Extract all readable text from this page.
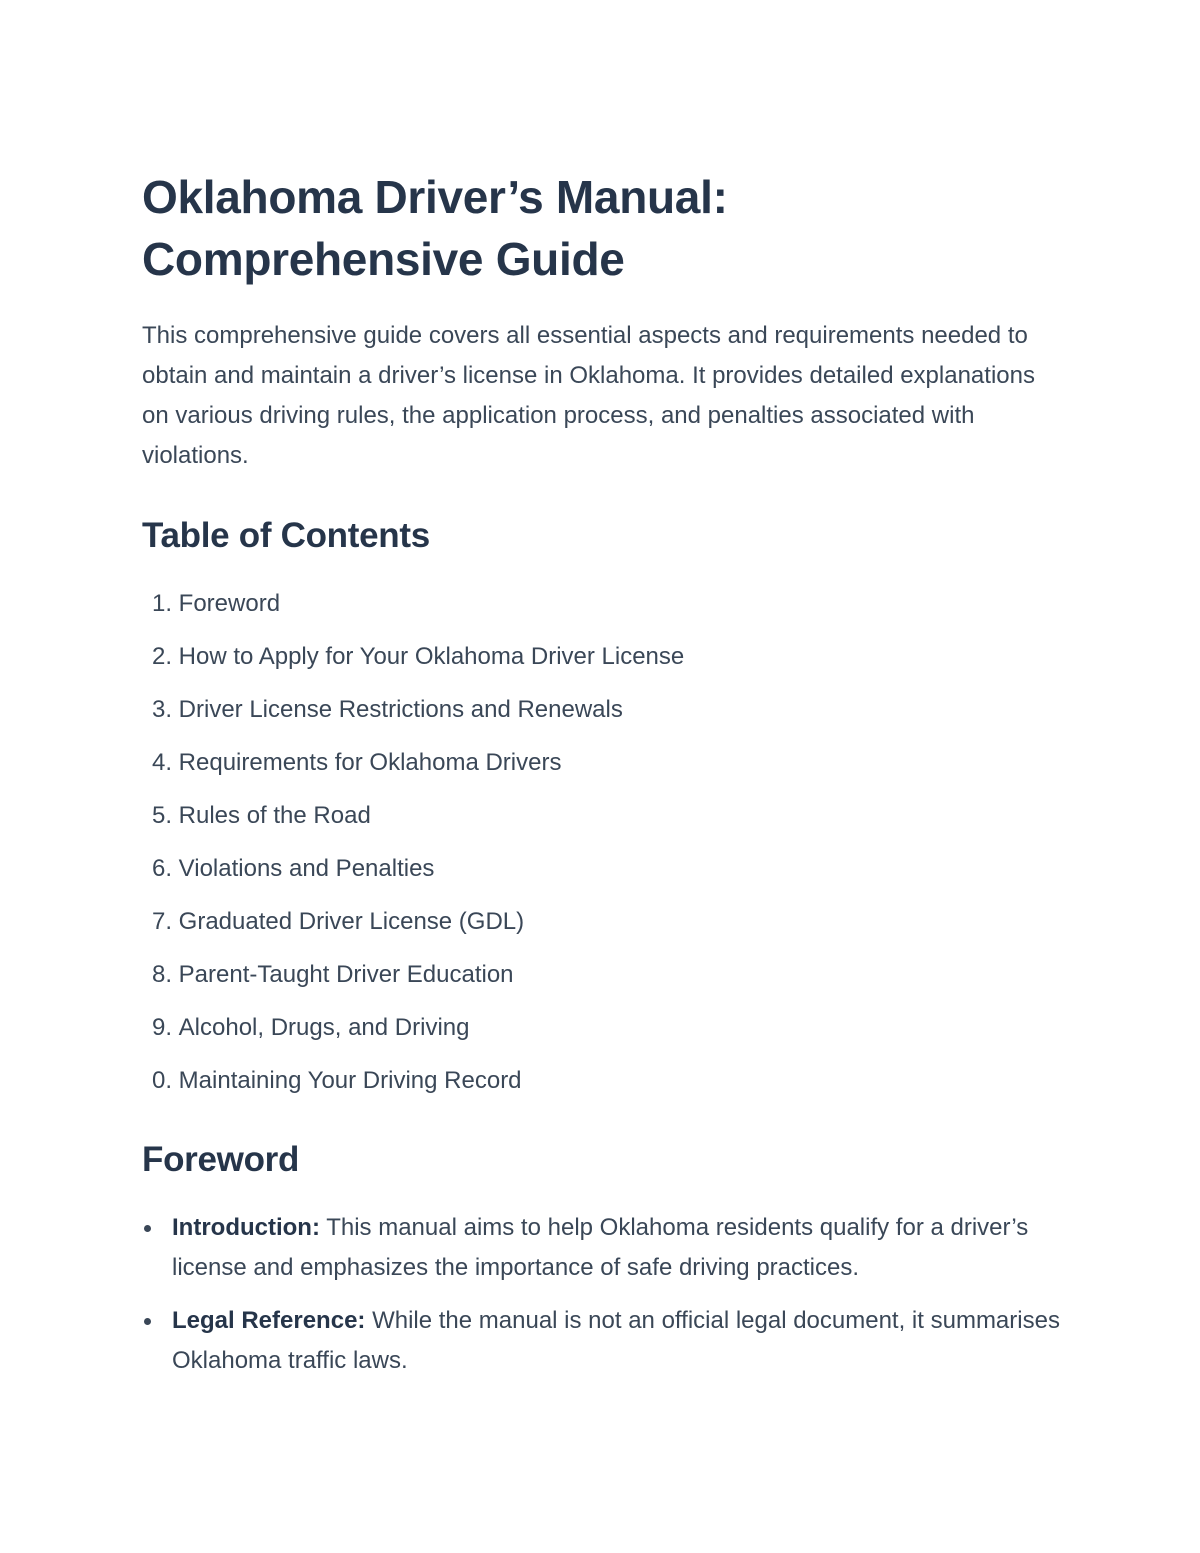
Oklahoma Driver’s Manual:
Comprehensive Guide

This comprehensive guide covers all essential aspects and requirements needed to obtain and maintain a driver’s license in Oklahoma. It provides detailed explanations on various driving rules, the application process, and penalties associated with violations.

Table of Contents
1.
Foreword
2.
How to Apply for Your Oklahoma Driver License
3.
Driver License Restrictions and Renewals
4.
Requirements for Oklahoma Drivers
5.
Rules of the Road
6.
Violations and Penalties
7.
Graduated Driver License (GDL)
8.
Parent-Taught Driver Education
9.
Alcohol, Drugs, and Driving
0.
Maintaining Your Driving Record
Foreword
Introduction: This manual aims to help Oklahoma residents qualify for a driver’s license and emphasizes the importance of safe driving practices.
Legal Reference: While the manual is not an official legal document, it summarises Oklahoma traffic laws.
